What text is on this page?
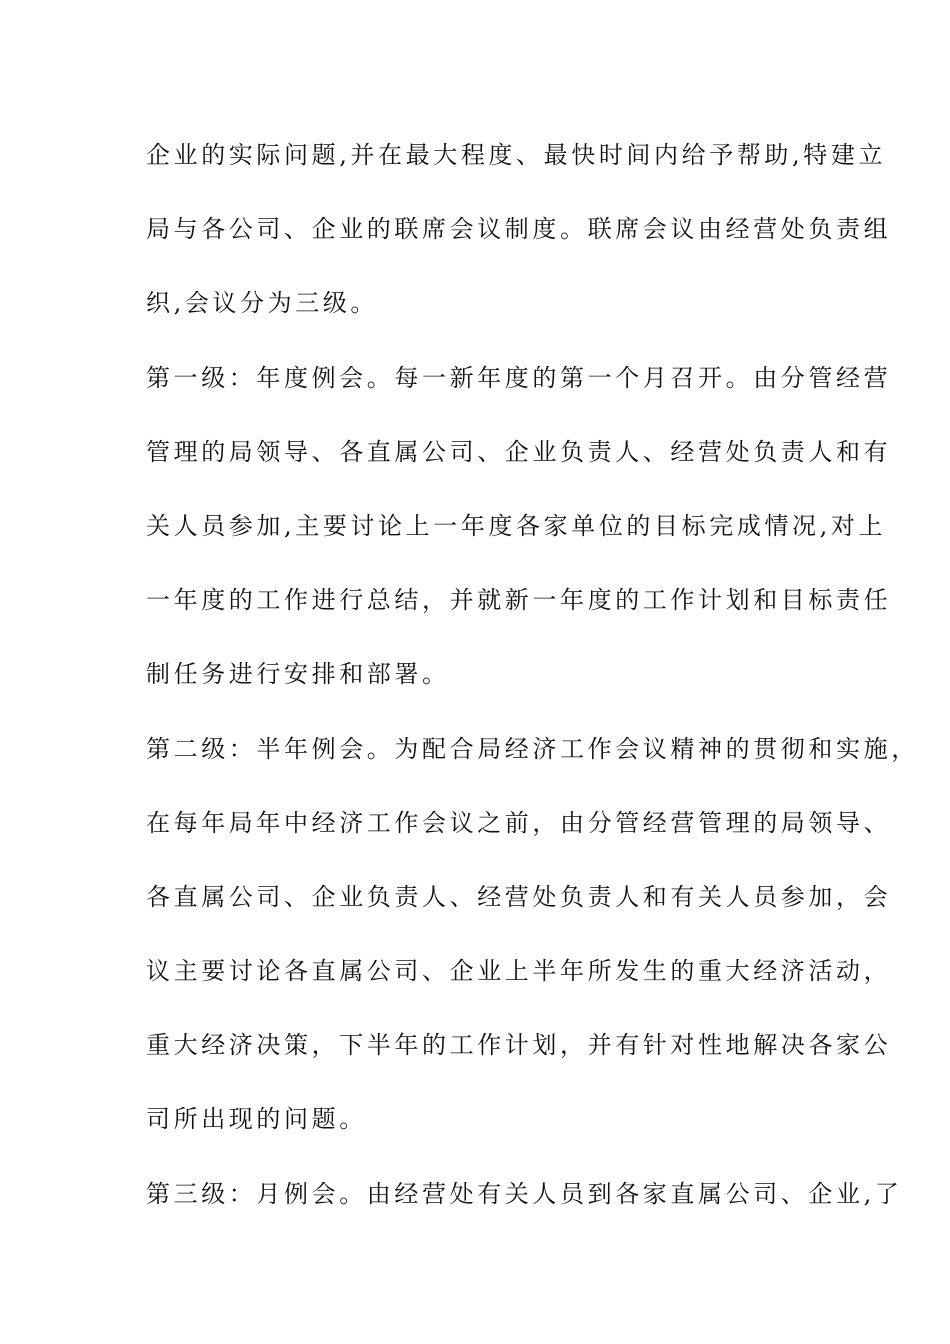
企业的实际问题,并在最大程度、最快时间内给予帮助,特建立
局与各公司、企业的联席会议制度。联席会议由经营处负责组
织,会议分为三级。
第一级：年度例会。每一新年度的第一个月召开。由分管经营
管理的局领导、各直属公司、企业负责人、经营处负责人和有
关人员参加,主要讨论上一年度各家单位的目标完成情况,对上
一年度的工作进行总结，并就新一年度的工作计划和目标责任
制任务进行安排和部署。
第二级：半年例会。为配合局经济工作会议精神的贯彻和实施，
在每年局年中经济工作会议之前，由分管经营管理的局领导、
各直属公司、企业负责人、经营处负责人和有关人员参加，会
议主要讨论各直属公司、企业上半年所发生的重大经济活动，
重大经济决策，下半年的工作计划，并有针对性地解决各家公
司所出现的问题。
第三级：月例会。由经营处有关人员到各家直属公司、企业,了
